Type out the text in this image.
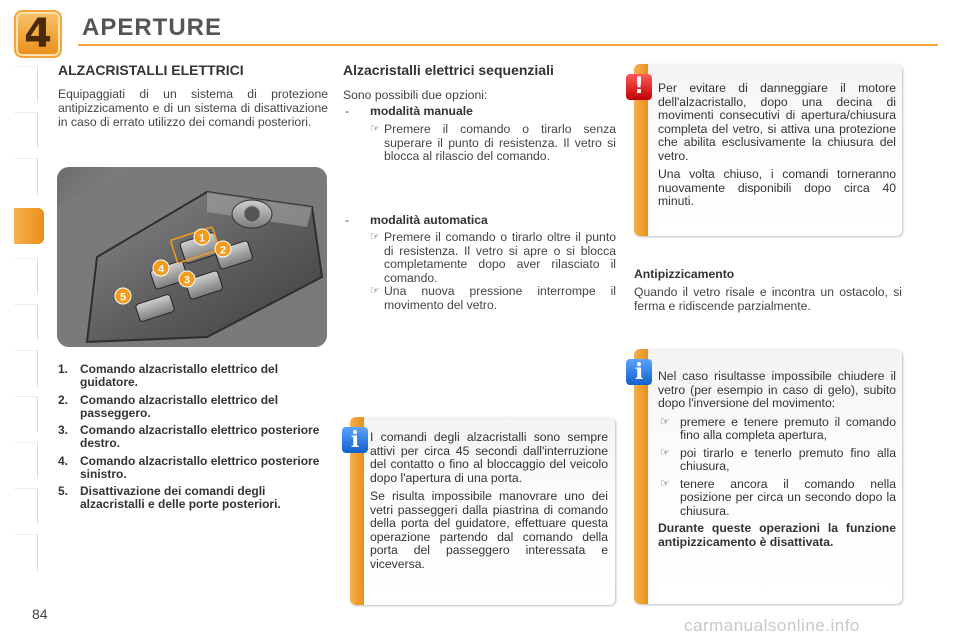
4	APERTURE
ALZACRISTALLI ELETTRICI
Equipaggiati di un sistema di protezione antipizzicamento e di un sistema di disattivazione in caso di errato utilizzo dei comandi posteriori.
1
2
3
4
5
1. Comando alzacristallo elettrico del guidatore.
2. Comando alzacristallo elettrico del passeggero.
3. Comando alzacristallo elettrico posteriore destro.
4. Comando alzacristallo elettrico posteriore sinistro.
5. Disattivazione dei comandi degli alzacristalli e delle porte posteriori.
Alzacristalli elettrici sequenziali
Sono possibili due opzioni:
- modalità manuale
☞ Premere il comando o tirarlo senza superare il punto di resistenza. Il vetro si blocca al rilascio del comando.
- modalità automatica
☞ Premere il comando o tirarlo oltre il punto di resistenza. Il vetro si apre o si blocca completamente dopo aver rilasciato il comando.
☞ Una nuova pressione interrompe il movimento del vetro.
i I comandi degli alzacristalli sono sempre attivi per circa 45 secondi dall'interruzione del contatto o fino al bloccaggio del veicolo dopo l'apertura di una porta.

Se risulta impossibile manovrare uno dei vetri passeggeri dalla piastrina di comando della porta del guidatore, effettuare questa operazione partendo dal comando della porta del passeggero interessata e viceversa.

!	Per evitare di danneggiare il motore dell'alzacristallo, dopo una decina di movimenti consecutivi di apertura/chiusura completa del vetro, si attiva una protezione che abilita esclusivamente la chiusura del vetro.

Una volta chiuso, i comandi torneranno nuovamente disponibili dopo circa 40 minuti.

Antipizzicamento
Quando il vetro risale e incontra un ostacolo, si ferma e ridiscende parzialmente.
i	Nel caso risultasse impossibile chiudere il vetro (per esempio in caso di gelo), subito dopo l'inversione del movimento:

☞ premere e tenere premuto il comando fino alla completa apertura,
☞ poi tirarlo e tenerlo premuto fino alla chiusura,
☞ tenere ancora il comando nella posizione per circa un secondo dopo la chiusura.

Durante queste operazioni la funzione antipizzicamento è disattivata.

84
carmanualsonline.info
